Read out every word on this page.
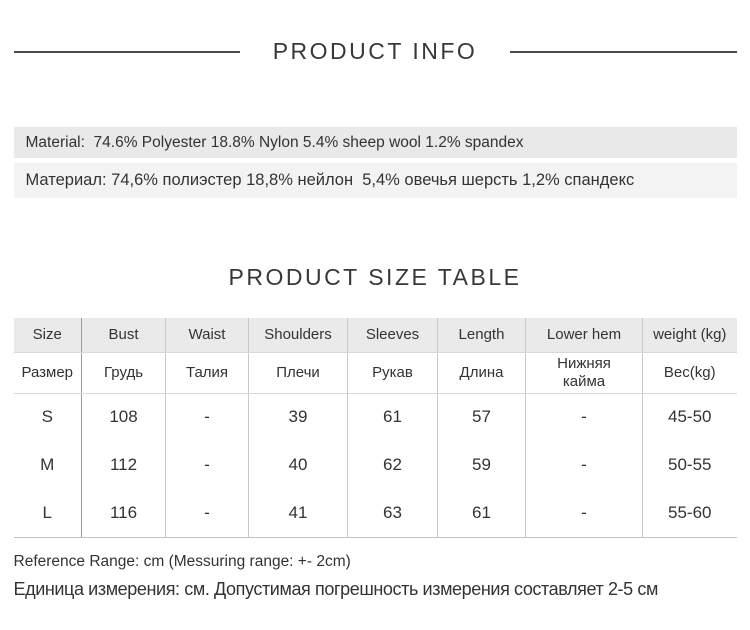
PRODUCT INFO
Material:  74.6% Polyester 18.8% Nylon 5.4% sheep wool 1.2% spandex
Материал: 74,6% полиэстер 18,8% нейлон  5,4% овечья шерсть 1,2% спандекс
PRODUCT SIZE TABLE
Size	Bust	Waist	Shoulders	Sleeves	Length	Lower hem	weight (kg)
Размер	Грудь	Талия	Плечи	Рукав	Длина	Нижняя кайма	Вес(kg)
S	108	-	39	61	57	-	45-50
M	112	-	40	62	59	-	50-55
L	116	-	41	63	61	-	55-60
Reference Range: cm (Messuring range: +- 2cm)
Единица измерения: см. Допустимая погрешность измерения составляет 2-5 см
